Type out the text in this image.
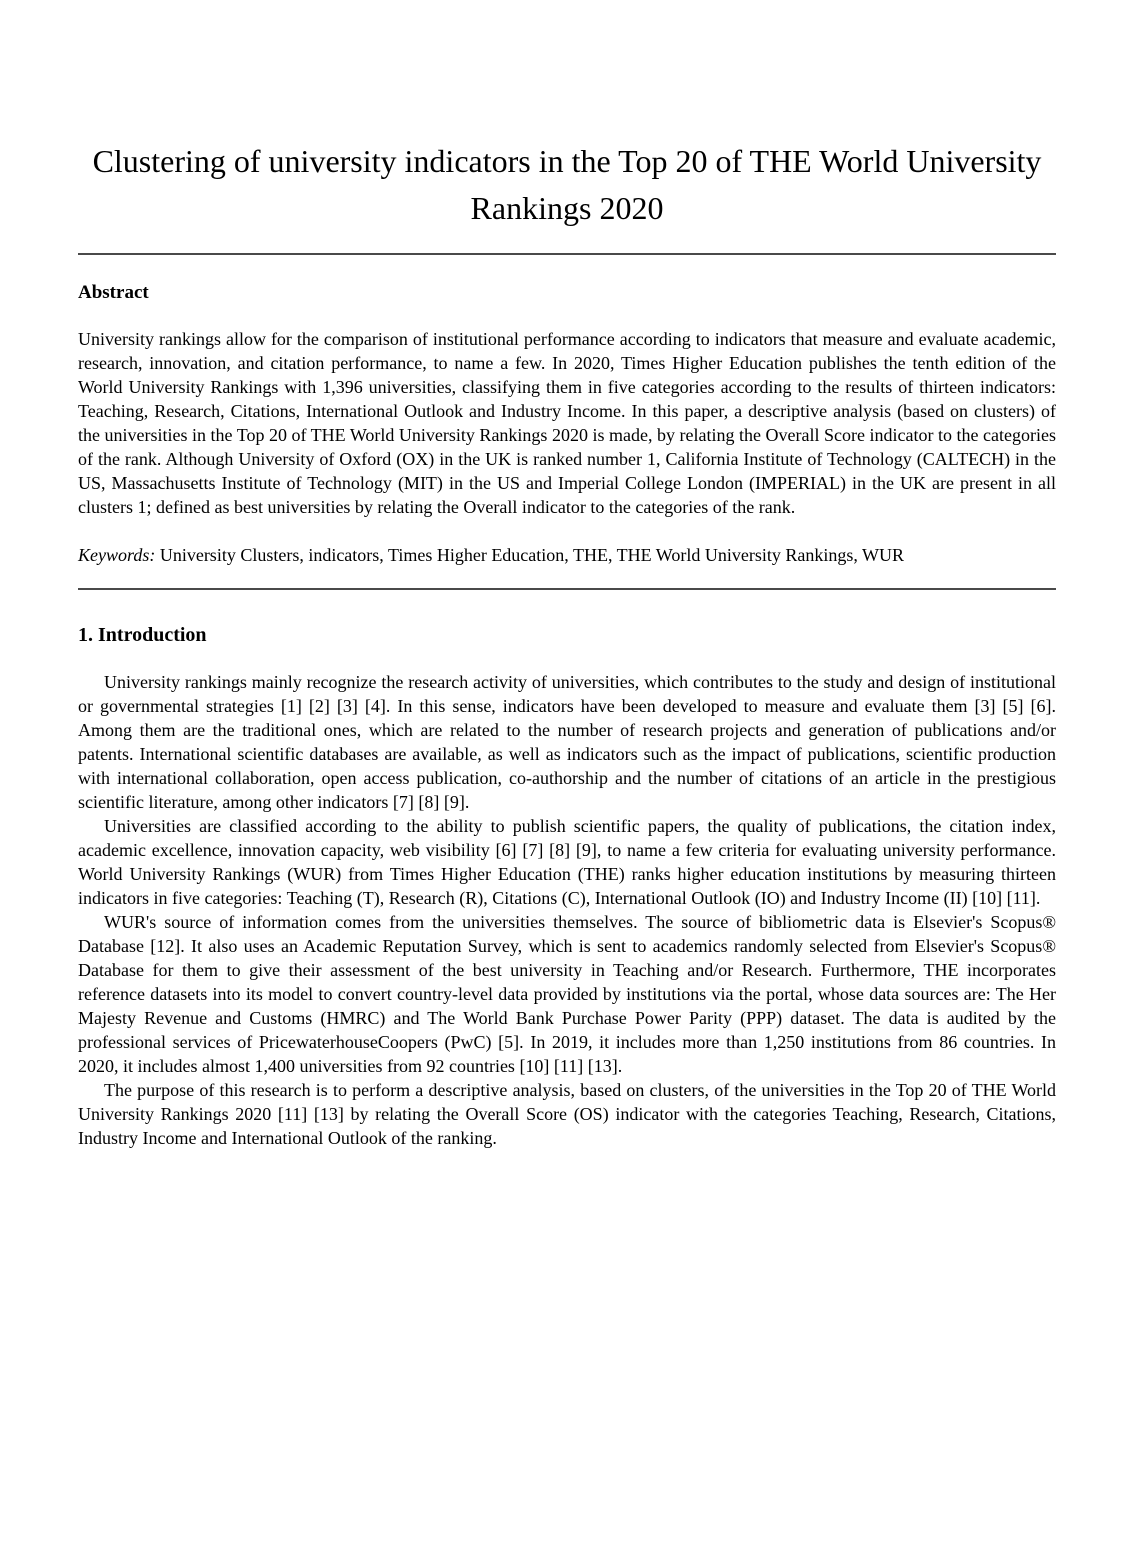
Clustering of university indicators in the Top 20 of THE World University Rankings 2020
Abstract

University rankings allow for the comparison of institutional performance according to indicators that measure and evaluate academic, research, innovation, and citation performance, to name a few. In 2020, Times Higher Education publishes the tenth edition of the World University Rankings with 1,396 universities, classifying them in five categories according to the results of thirteen indicators: Teaching, Research, Citations, International Outlook and Industry Income. In this paper, a descriptive analysis (based on clusters) of the universities in the Top 20 of THE World University Rankings 2020 is made, by relating the Overall Score indicator to the categories of the rank. Although University of Oxford (OX) in the UK is ranked number 1, California Institute of Technology (CALTECH) in the US, Massachusetts Institute of Technology (MIT) in the US and Imperial College London (IMPERIAL) in the UK are present in all clusters 1; defined as best universities by relating the Overall indicator to the categories of the rank.

Keywords: University Clusters, indicators, Times Higher Education, THE, THE World University Rankings, WUR

1. Introduction

University rankings mainly recognize the research activity of universities, which contributes to the study and design of institutional or governmental strategies [1] [2] [3] [4]. In this sense, indicators have been developed to measure and evaluate them [3] [5] [6]. Among them are the traditional ones, which are related to the number of research projects and generation of publications and/or patents. International scientific databases are available, as well as indicators such as the impact of publications, scientific production with international collaboration, open access publication, co-authorship and the number of citations of an article in the prestigious scientific literature, among other indicators [7] [8] [9].

Universities are classified according to the ability to publish scientific papers, the quality of publications, the citation index, academic excellence, innovation capacity, web visibility [6] [7] [8] [9], to name a few criteria for evaluating university performance. World University Rankings (WUR) from Times Higher Education (THE) ranks higher education institutions by measuring thirteen indicators in five categories: Teaching (T), Research (R), Citations (C), International Outlook (IO) and Industry Income (II) [10] [11].

WUR's source of information comes from the universities themselves. The source of bibliometric data is Elsevier's Scopus® Database [12]. It also uses an Academic Reputation Survey, which is sent to academics randomly selected from Elsevier's Scopus® Database for them to give their assessment of the best university in Teaching and/or Research. Furthermore, THE incorporates reference datasets into its model to convert country-level data provided by institutions via the portal, whose data sources are: The Her Majesty Revenue and Customs (HMRC) and The World Bank Purchase Power Parity (PPP) dataset. The data is audited by the professional services of PricewaterhouseCoopers (PwC) [5]. In 2019, it includes more than 1,250 institutions from 86 countries. In 2020, it includes almost 1,400 universities from 92 countries [10] [11] [13].

The purpose of this research is to perform a descriptive analysis, based on clusters, of the universities in the Top 20 of THE World University Rankings 2020 [11] [13] by relating the Overall Score (OS) indicator with the categories Teaching, Research, Citations, Industry Income and International Outlook of the ranking.
